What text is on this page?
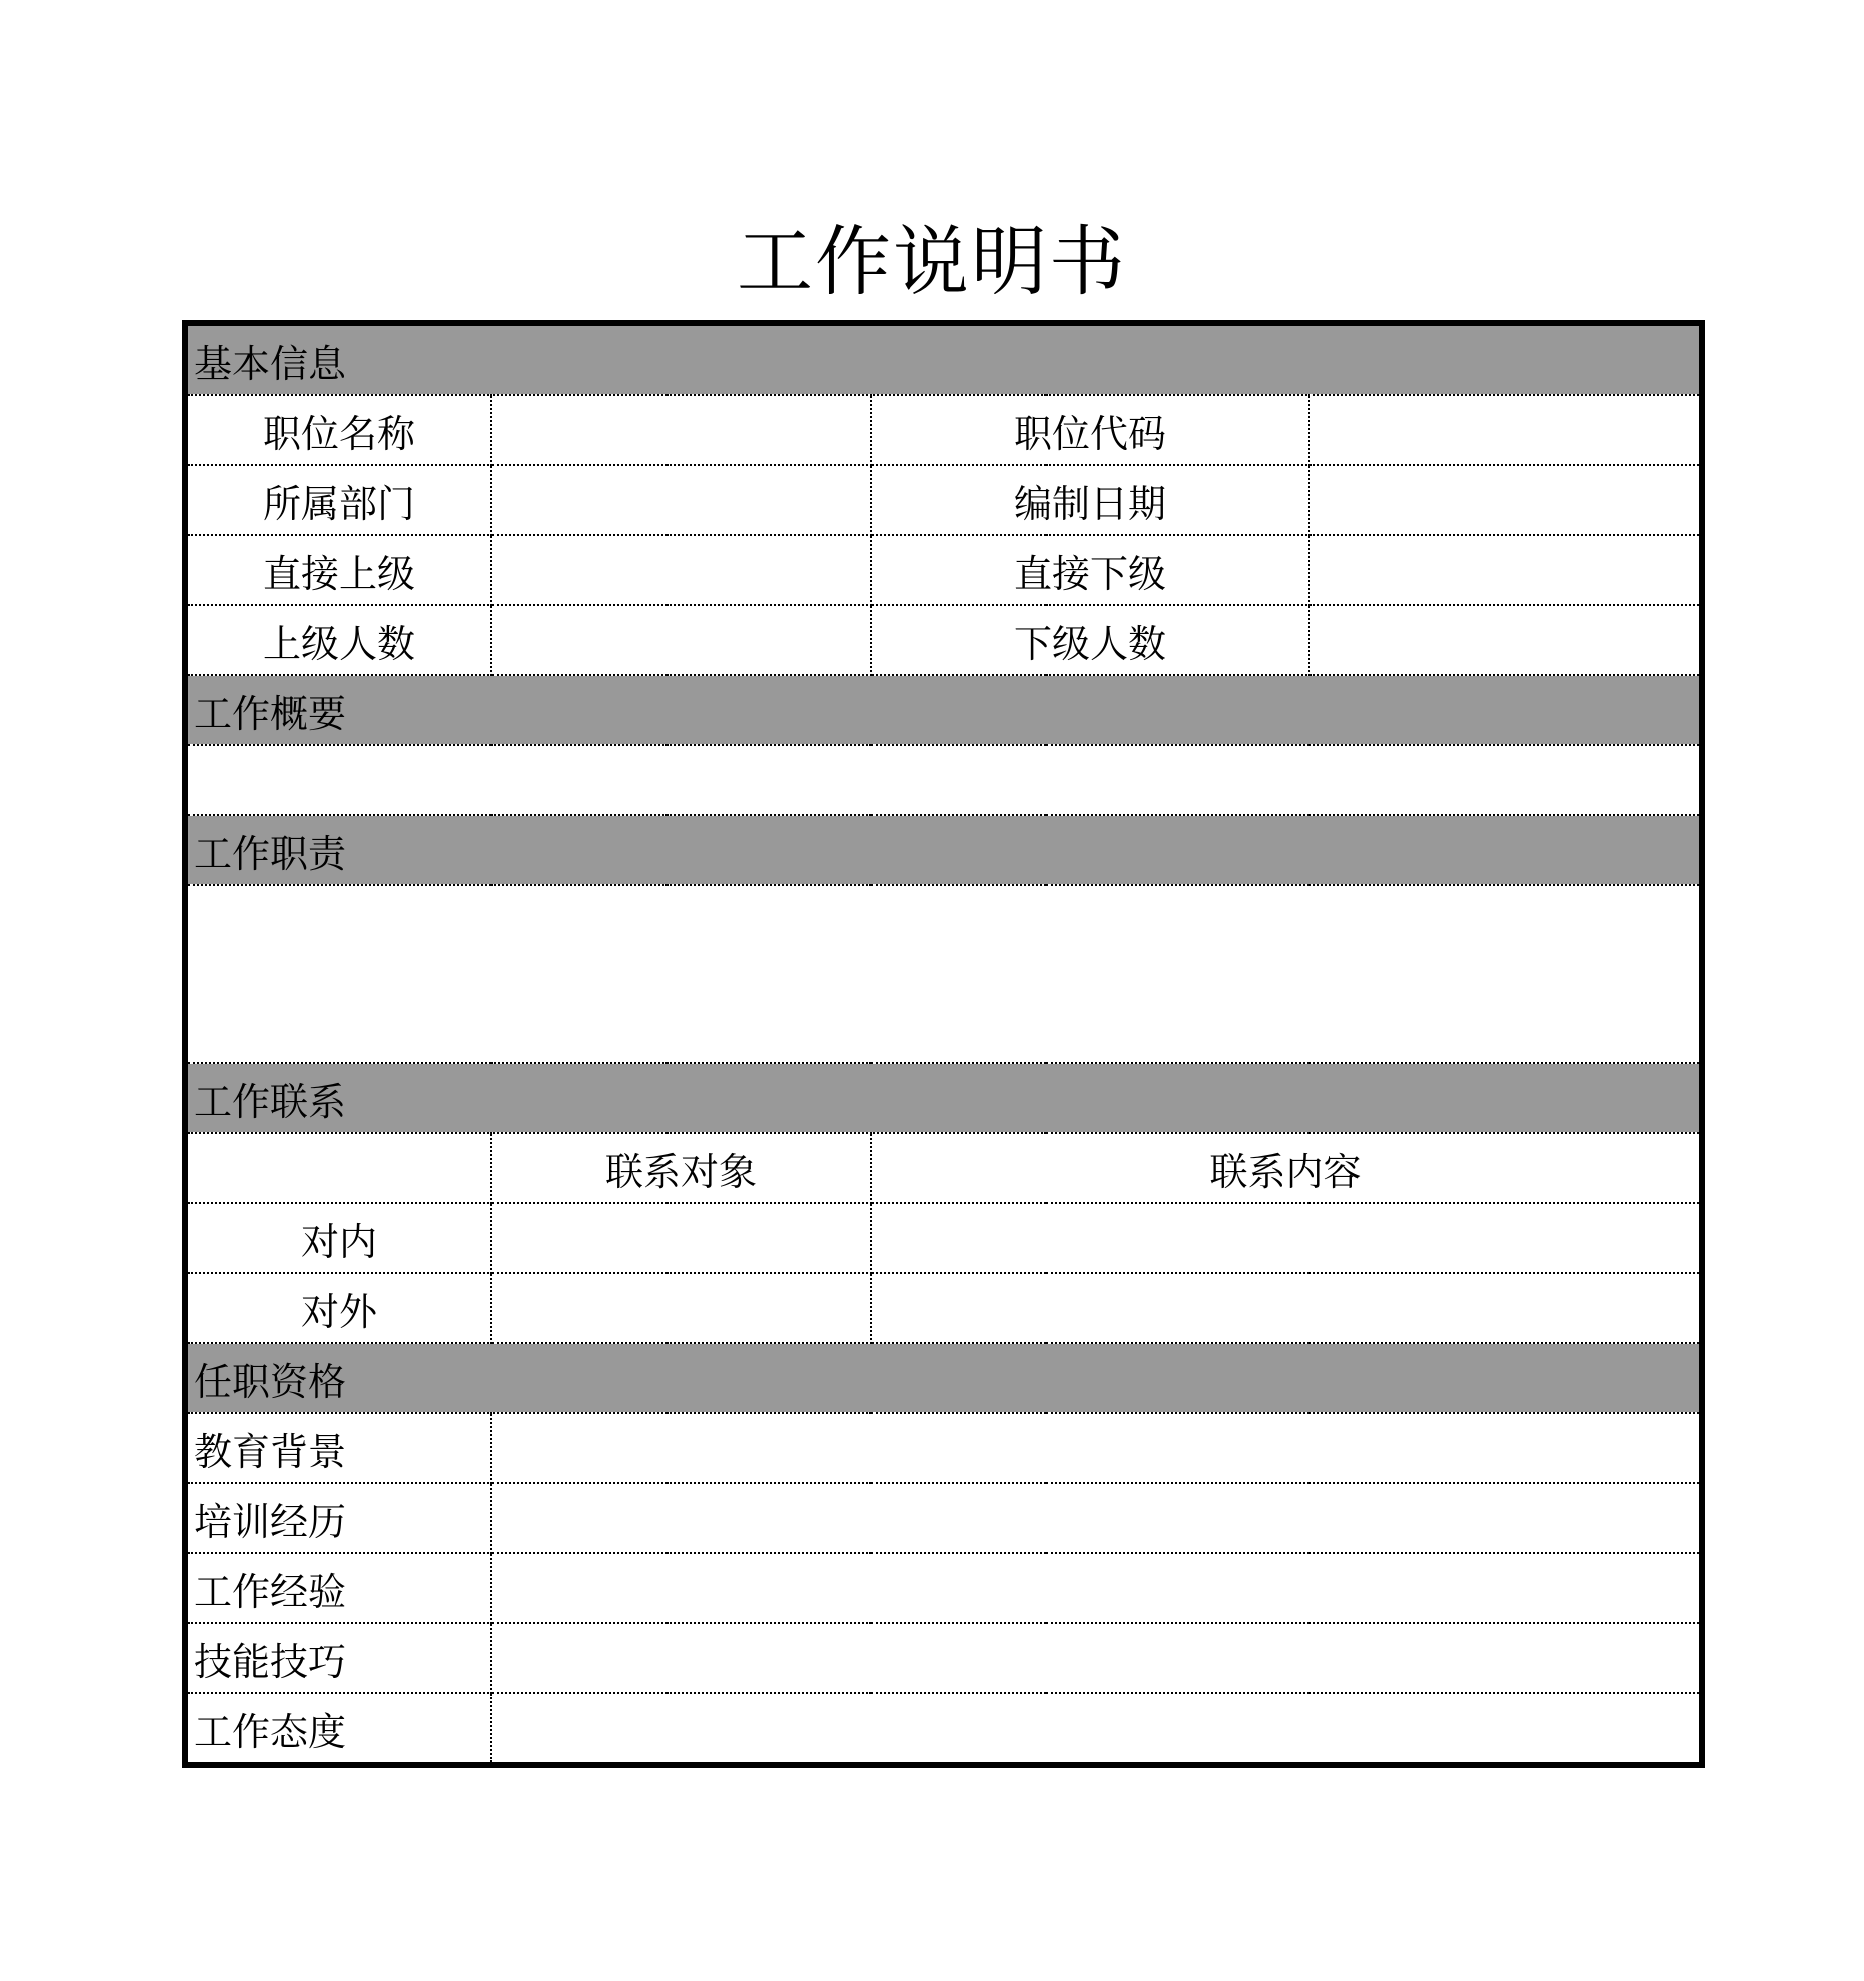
工作说明书
基本信息			
职位名称		职位代码	
所属部门		编制日期	
直接上级		直接下级	
上级人数		下级人数	
工作概要			

工作职责			

工作联系			
	联系对象	联系内容	
对内			
对外			
任职资格			
教育背景			
培训经历			
工作经验			
技能技巧			
工作态度			
